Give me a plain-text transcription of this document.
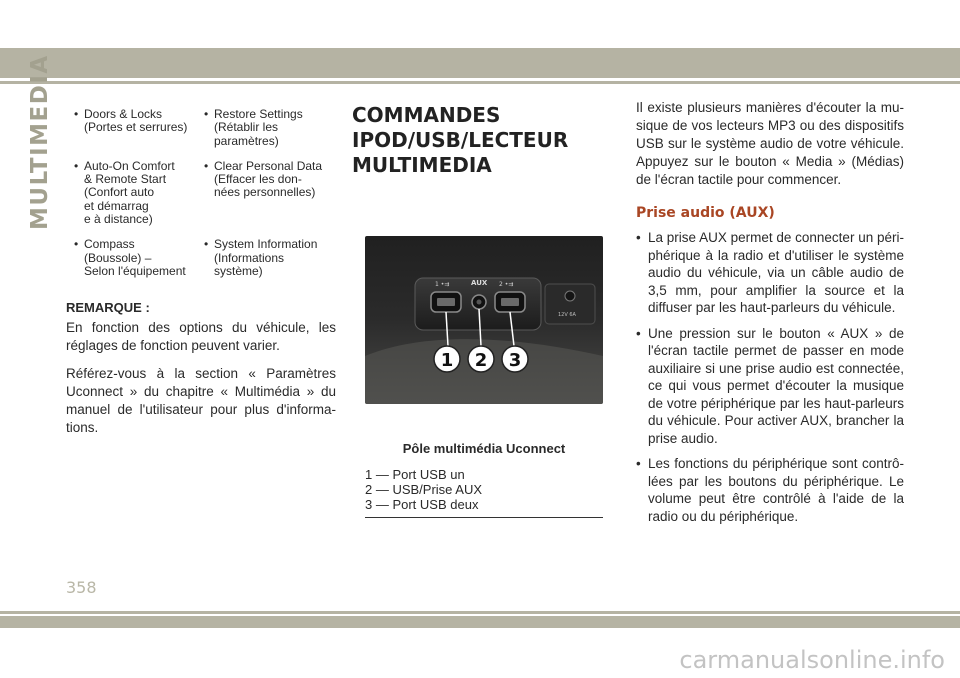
MULTIMEDIA
•	Doors & Locks
(Portes et serrures)
• Restore Settings
(Rétablir les
paramètres)
• Auto-On Comfort
& Remote Start
(Confort auto
et démarrag
e à distance)
• Clear Personal Data
(Effacer les don-
nées personnelles)
• Compass
(Boussole) –
Selon l'équipement
• System Information
(Informations
système)
REMARQUE :

En fonction des options du véhicule, les réglages de fonction peuvent varier.

Référez-vous à la section « Paramètres Uconnect » du chapitre « Multimédia » du manuel de l'utilisateur pour plus d'informa-tions.

COMMANDES
IPOD/USB/LECTEUR
MULTIMEDIA
1 •⇉	AUX 2 •⇉
12V 6A
1 2 3
Pôle multimédia Uconnect
1 — Port USB un
2 — USB/Prise AUX
3 — Port USB deux

Il existe plusieurs manières d'écouter la mu-sique de vos lecteurs MP3 ou des dispositifs USB sur le système audio de votre véhicule. Appuyez sur le bouton « Media » (Médias) de l'écran tactile pour commencer.

Prise audio (AUX)
• La prise AUX permet de connecter un péri-phérique à la radio et d'utiliser le système audio du véhicule, via un câble audio de 3,5 mm, pour amplifier la source et la diffuser par les haut-parleurs du véhicule.
• Une pression sur le bouton « AUX » de l'écran tactile permet de passer en mode auxiliaire si une prise audio est connectée, ce qui vous permet d'écouter la musique de votre périphérique par les haut-parleurs du véhicule. Pour activer AUX, brancher la prise audio.
• Les fonctions du périphérique sont contrô-lées par les boutons du périphérique. Le volume peut être contrôlé à l'aide de la radio ou du périphérique.
358
carmanualsonline.info
